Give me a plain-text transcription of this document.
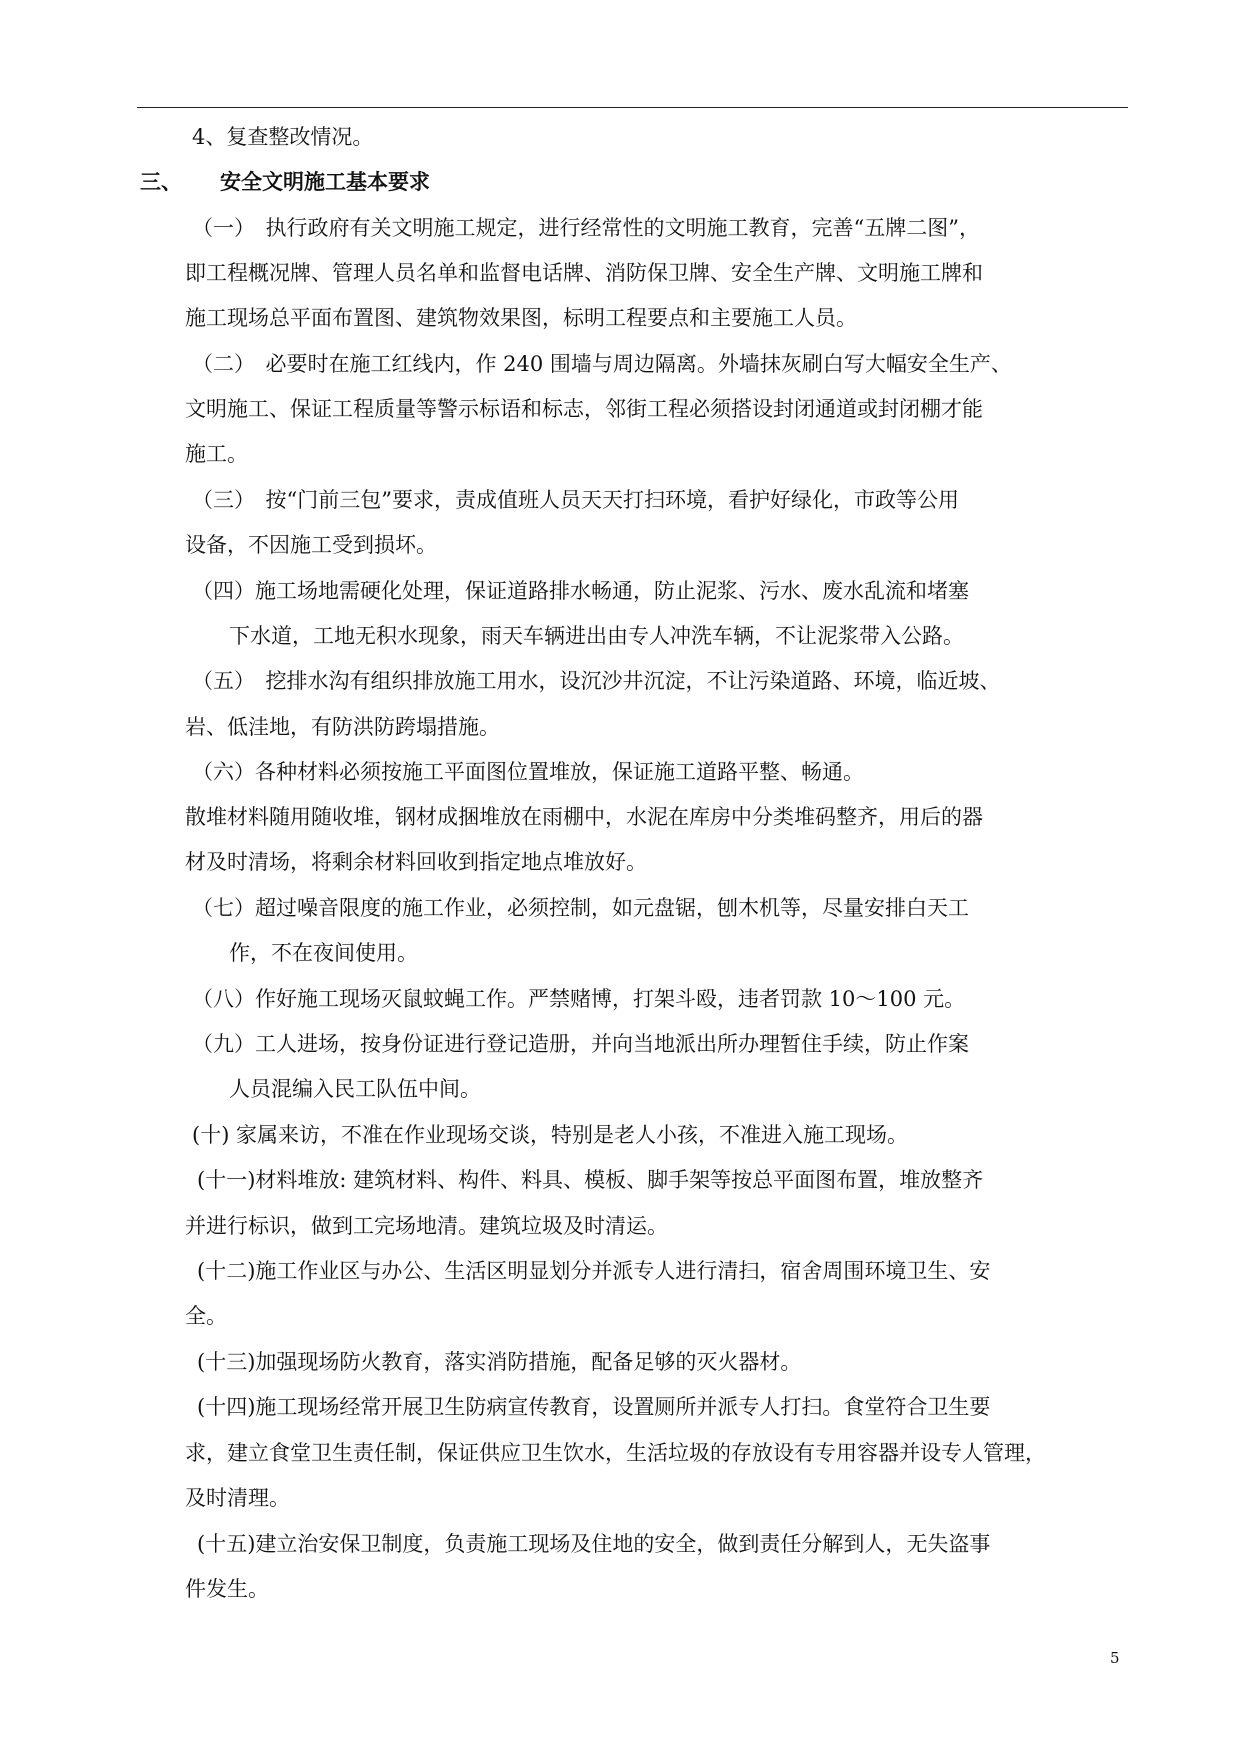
4、复查整改情况。
三、 安全文明施工基本要求
（一）　执行政府有关文明施工规定，进行经常性的文明施工教育，完善“五牌二图”，
即工程概况牌、管理人员名单和监督电话牌、消防保卫牌、安全生产牌、文明施工牌和
施工现场总平面布置图、建筑物效果图，标明工程要点和主要施工人员。
（二）　必要时在施工红线内，作 240 围墙与周边隔离。外墙抹灰刷白写大幅安全生产、
文明施工、保证工程质量等警示标语和标志，邻街工程必须搭设封闭通道或封闭棚才能
施工。
（三）　按“门前三包”要求，责成值班人员天天打扫环境，看护好绿化，市政等公用
设备，不因施工受到损坏。
（四）施工场地需硬化处理，保证道路排水畅通，防止泥浆、污水、废水乱流和堵塞
下水道，工地无积水现象，雨天车辆进出由专人冲洗车辆，不让泥浆带入公路。
（五）　挖排水沟有组织排放施工用水，设沉沙井沉淀，不让污染道路、环境，临近坡、
岩、低洼地，有防洪防跨塌措施。
（六）各种材料必须按施工平面图位置堆放，保证施工道路平整、畅通。
散堆材料随用随收堆，钢材成捆堆放在雨棚中，水泥在库房中分类堆码整齐，用后的器
材及时清场，将剩余材料回收到指定地点堆放好。
（七）超过噪音限度的施工作业，必须控制，如元盘锯，刨木机等，尽量安排白天工
作，不在夜间使用。
（八）作好施工现场灭鼠蚊蝇工作。严禁赌博，打架斗殴，违者罚款 10～100 元。
（九）工人进场，按身份证进行登记造册，并向当地派出所办理暂住手续，防止作案
人员混编入民工队伍中间。
(十) 家属来访，不准在作业现场交谈，特别是老人小孩，不准进入施工现场。
(十一)材料堆放: 建筑材料、构件、料具、模板、脚手架等按总平面图布置，堆放整齐
并进行标识，做到工完场地清。建筑垃圾及时清运。
(十二)施工作业区与办公、生活区明显划分并派专人进行清扫，宿舍周围环境卫生、安
全。
(十三)加强现场防火教育，落实消防措施，配备足够的灭火器材。
(十四)施工现场经常开展卫生防病宣传教育，设置厕所并派专人打扫。食堂符合卫生要
求，建立食堂卫生责任制，保证供应卫生饮水，生活垃圾的存放设有专用容器并设专人管理，
及时清理。
(十五)建立治安保卫制度，负责施工现场及住地的安全，做到责任分解到人，无失盗事
件发生。
5
